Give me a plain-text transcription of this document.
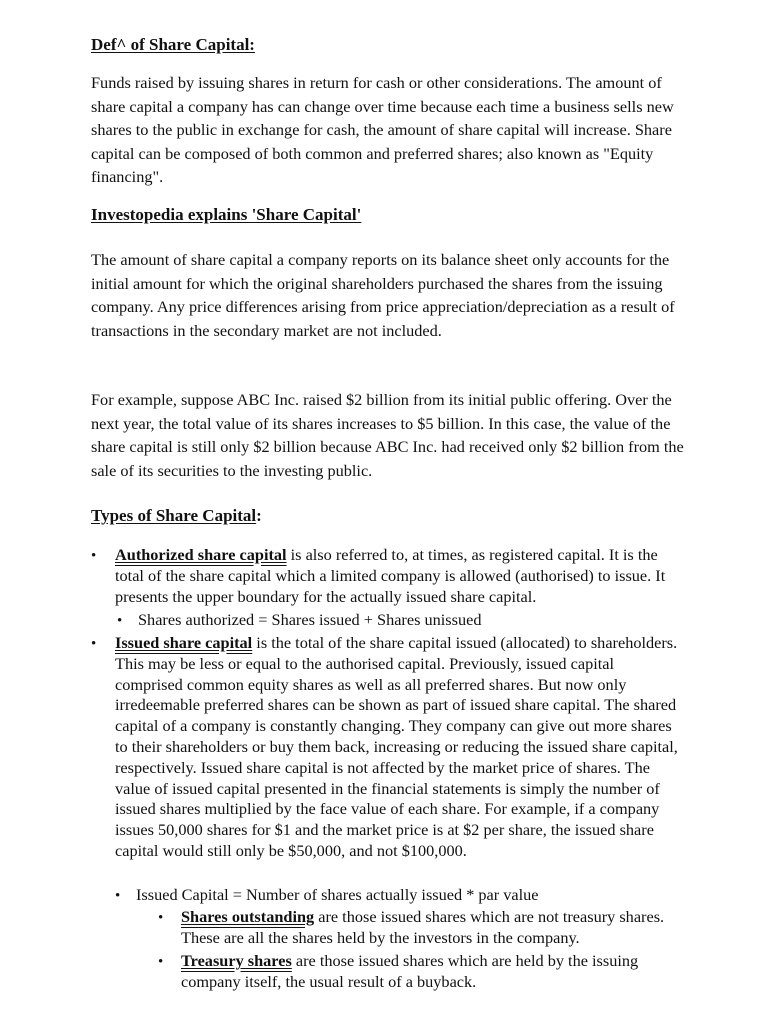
Def^ of Share Capital:

Funds raised by issuing shares in return for cash or other considerations. The amount of share capital a company has can change over time because each time a business sells new shares to the public in exchange for cash, the amount of share capital will increase. Share capital can be composed of both common and preferred shares; also known as "Equity financing".

Investopedia explains 'Share Capital'

The amount of share capital a company reports on its balance sheet only accounts for the initial amount for which the original shareholders purchased the shares from the issuing company. Any price differences arising from price appreciation/depreciation as a result of transactions in the secondary market are not included.

For example, suppose ABC Inc. raised $2 billion from its initial public offering. Over the next year, the total value of its shares increases to $5 billion. In this case, the value of the share capital is still only $2 billion because ABC Inc. had received only $2 billion from the sale of its securities to the investing public.

Types of Share Capital:
• Authorized share capital is also referred to, at times, as registered capital. It is the total of the share capital which a limited company is allowed (authorised) to issue. It presents the upper boundary for the actually issued share capital.
• Shares authorized = Shares issued + Shares unissued
• Issued share capital is the total of the share capital issued (allocated) to shareholders. This may be less or equal to the authorised capital. Previously, issued capital comprised common equity shares as well as all preferred shares. But now only irredeemable preferred shares can be shown as part of issued share capital. The shared capital of a company is constantly changing. They company can give out more shares to their shareholders or buy them back, increasing or reducing the issued share capital, respectively. Issued share capital is not affected by the market price of shares. The value of issued capital presented in the financial statements is simply the number of issued shares multiplied by the face value of each share. For example, if a company issues 50,000 shares for $1 and the market price is at $2 per share, the issued share capital would still only be $50,000, and not $100,000.
• Issued Capital = Number of shares actually issued * par value
• Shares outstanding are those issued shares which are not treasury shares. These are all the shares held by the investors in the company.
• Treasury shares are those issued shares which are held by the issuing company itself, the usual result of a buyback.
